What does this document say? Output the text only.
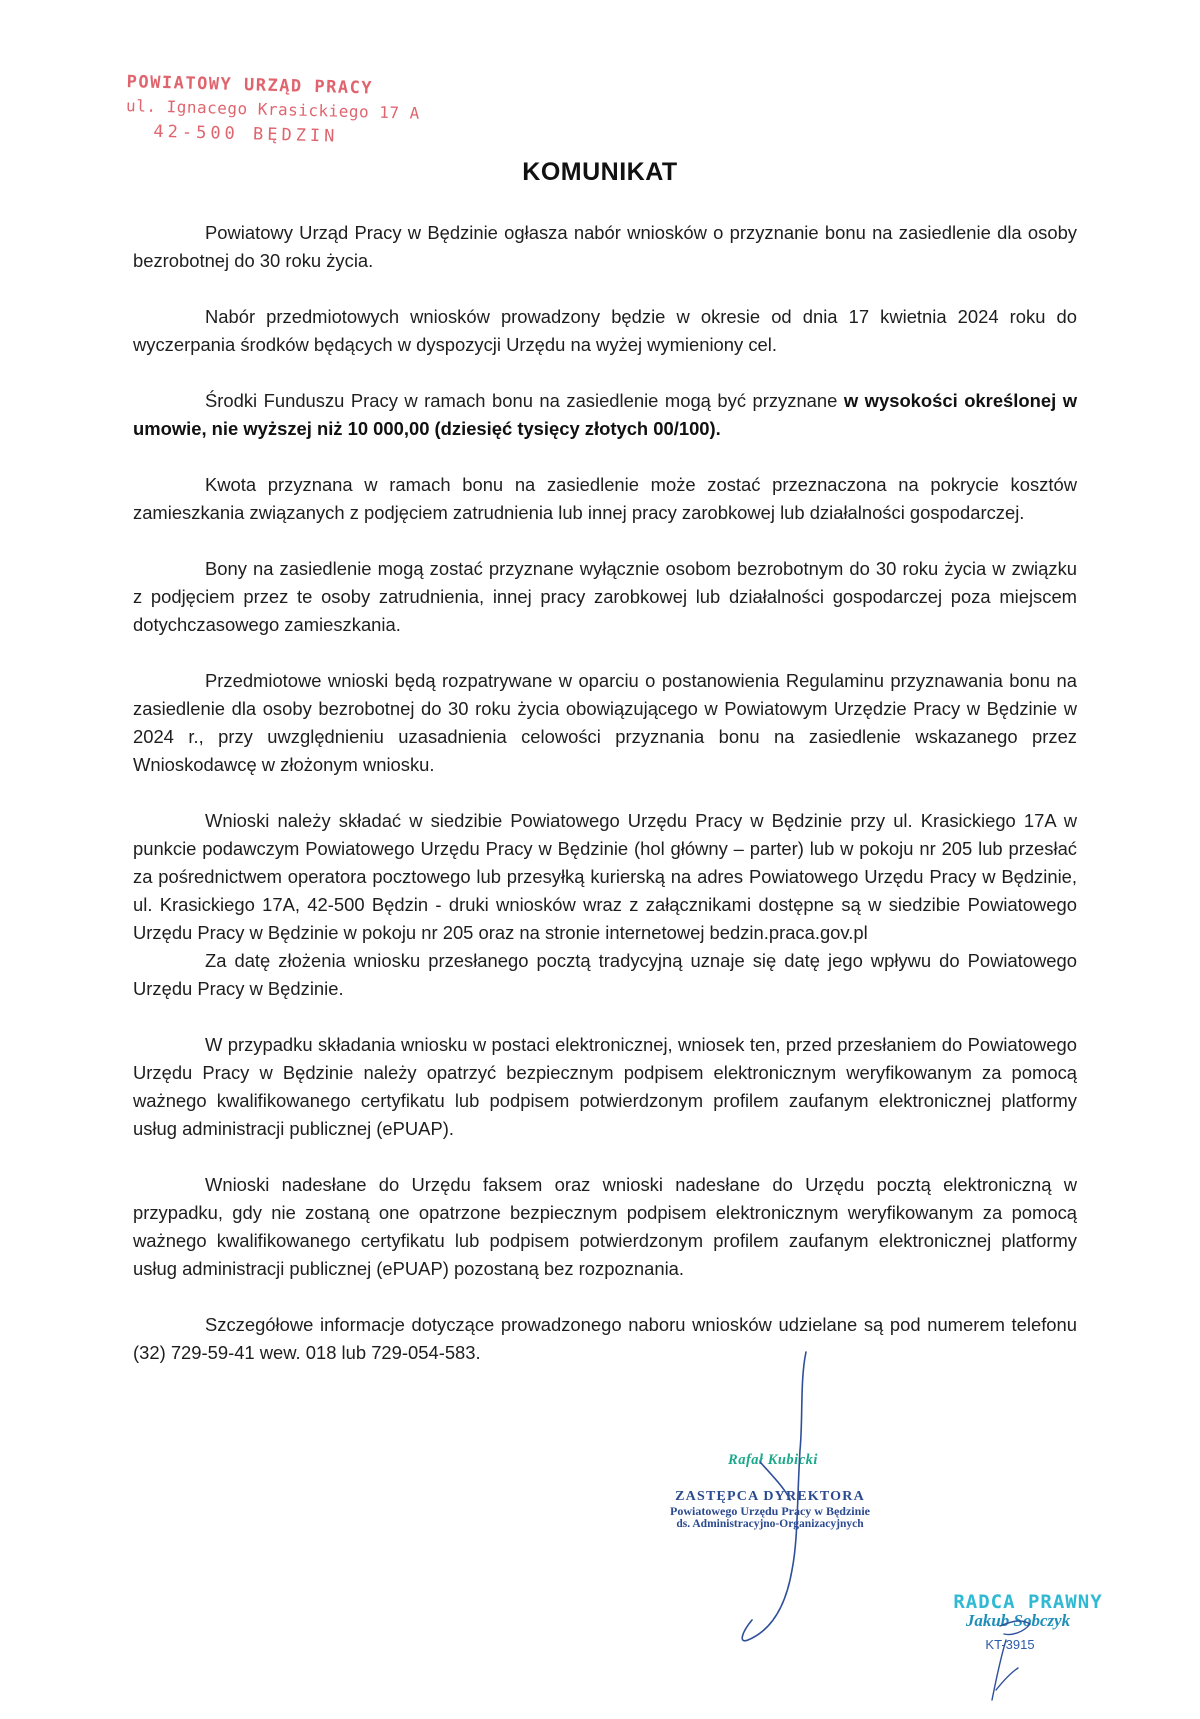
POWIATOWY URZĄD PRACY
ul. Ignacego Krasickiego 17 A
42-500 BĘDZIN
KOMUNIKAT

Powiatowy Urząd Pracy w Będzinie ogłasza nabór wniosków o przyznanie bonu na zasiedlenie dla osoby bezrobotnej do 30 roku życia.

Nabór przedmiotowych wniosków prowadzony będzie w okresie od dnia 17 kwietnia 2024 roku do wyczerpania środków będących w dyspozycji Urzędu na wyżej wymieniony cel.

Środki Funduszu Pracy w ramach bonu na zasiedlenie mogą być przyznane w wysokości określonej w umowie, nie wyższej niż 10 000,00 (dziesięć tysięcy złotych 00/100).

Kwota przyznana w ramach bonu na zasiedlenie może zostać przeznaczona na pokrycie kosztów zamieszkania związanych z podjęciem zatrudnienia lub innej pracy zarobkowej lub działalności gospodarczej.

Bony na zasiedlenie mogą zostać przyznane wyłącznie osobom bezrobotnym do 30 roku życia w związku z podjęciem przez te osoby zatrudnienia, innej pracy zarobkowej lub działalności gospodarczej poza miejscem dotychczasowego zamieszkania.

Przedmiotowe wnioski będą rozpatrywane w oparciu o postanowienia Regulaminu przyznawania bonu na zasiedlenie dla osoby bezrobotnej do 30 roku życia obowiązującego w Powiatowym Urzędzie Pracy w Będzinie w 2024 r., przy uwzględnieniu uzasadnienia celowości przyznania bonu na zasiedlenie wskazanego przez Wnioskodawcę w złożonym wniosku.

Wnioski należy składać w siedzibie Powiatowego Urzędu Pracy w Będzinie przy ul. Krasickiego 17A w punkcie podawczym Powiatowego Urzędu Pracy w Będzinie (hol główny – parter) lub w pokoju nr 205 lub przesłać za pośrednictwem operatora pocztowego lub przesyłką kurierską na adres Powiatowego Urzędu Pracy w Będzinie, ul. Krasickiego 17A, 42-500 Będzin - druki wniosków wraz z załącznikami dostępne są w siedzibie Powiatowego Urzędu Pracy w Będzinie w pokoju nr 205 oraz na stronie internetowej bedzin.praca.gov.pl

Za datę złożenia wniosku przesłanego pocztą tradycyjną uznaje się datę jego wpływu do Powiatowego Urzędu Pracy w Będzinie.

W przypadku składania wniosku w postaci elektronicznej, wniosek ten, przed przesłaniem do Powiatowego Urzędu Pracy w Będzinie należy opatrzyć bezpiecznym podpisem elektronicznym weryfikowanym za pomocą ważnego kwalifikowanego certyfikatu lub podpisem potwierdzonym profilem zaufanym elektronicznej platformy usług administracji publicznej (ePUAP).

Wnioski nadesłane do Urzędu faksem oraz wnioski nadesłane do Urzędu pocztą elektroniczną w przypadku, gdy nie zostaną one opatrzone bezpiecznym podpisem elektronicznym weryfikowanym za pomocą ważnego kwalifikowanego certyfikatu lub podpisem potwierdzonym profilem zaufanym elektronicznej platformy usług administracji publicznej (ePUAP) pozostaną bez rozpoznania.

Szczegółowe informacje dotyczące prowadzonego naboru wniosków udzielane są pod numerem telefonu (32) 729-59-41 wew. 018 lub 729-054-583.

Rafał Kubicki
ZASTĘPCA DYREKTORA
Powiatowego Urzędu Pracy w Będzinie
ds. Administracyjno-Organizacyjnych
RADCA PRAWNY
Jakub Sobczyk
KT-3915
